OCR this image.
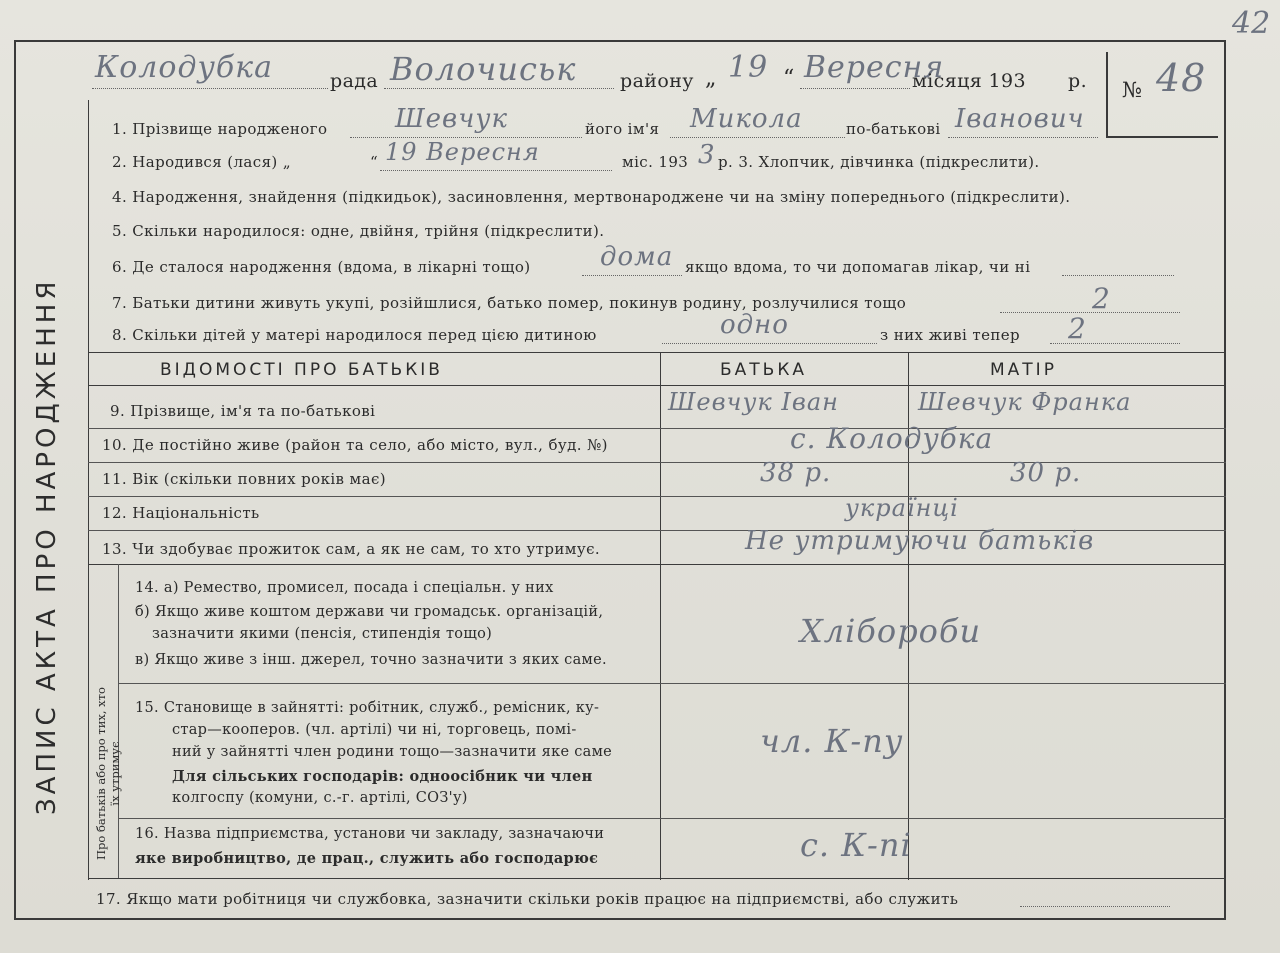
42
ЗАПИС АКТА ПРО НАРОДЖЕННЯ
Колодубка	рада Волочиськ району „ 19 “ Вересня
місяця 193 р. № 48
1. Прізвище народженого	Шевчук	його ім'я Микола	по-батькові Іванович
2. Народився (лася) „	“ 19 Вересня	міс. 193 3 р. 3. Хлопчик, дівчинка (підкреслити).
4. Народження, знайдення (підкидьок), засиновлення, мертвонароджене чи на зміну попереднього (підкреслити).
5. Скільки народилося: одне, двійня, трійня (підкреслити).
6. Де сталося народження (вдома, в лікарні тощо)	дома якщо вдома, то чи допомагав лікар, чи ні
7. Батьки дитини живуть укупі, розійшлися, батько помер, покинув родину, розлучилися тощо	2
8. Скільки дітей у матері народилося перед цією дитиною	одно	з них живі тепер 2
ВІДОМОСТІ ПРО БАТЬКІВ	БАТЬКА	МАТІР
Про батьків або про тих, хто їх утримує
9. Прізвище, ім'я та по-батькові	Шевчук Іван	Шевчук Франка
10. Де постійно живе (район та село, або місто, вул., буд. №)	с. Колодубка
11. Вік (скільки повних років має)	38 р.	30 р.
12. Національність	українці
13. Чи здобуває прожиток сам, а як не сам, то хто утримує.	Не утримуючи батьків
14. а) Ремество, промисел, посада і спеціальн. у них
б) Якщо живе коштом держави чи громадськ. організацій,
зазначити якими (пенсія, стипендія тощо)
в) Якщо живе з інш. джерел, точно зазначити з яких саме.
Хлібороби
15. Становище в зайнятті: робітник, служб., ремісник, ку-
стар—коопeров. (чл. артілі) чи ні, торговець, помі-
ний у зайнятті член родини тощо—зазначити яке саме
Для сільських господарів: одноосібник чи член
колгоспу (комуни, с.-г. артілі, СОЗ'у)
чл. К-пу
16. Назва підприємства, установи чи закладу, зазначаючи
яке виробництво, де прац., служить або господарює	с. К-пі
17. Якщо мати робітниця чи службовка, зазначити скільки років працює на підприємстві, або служить
